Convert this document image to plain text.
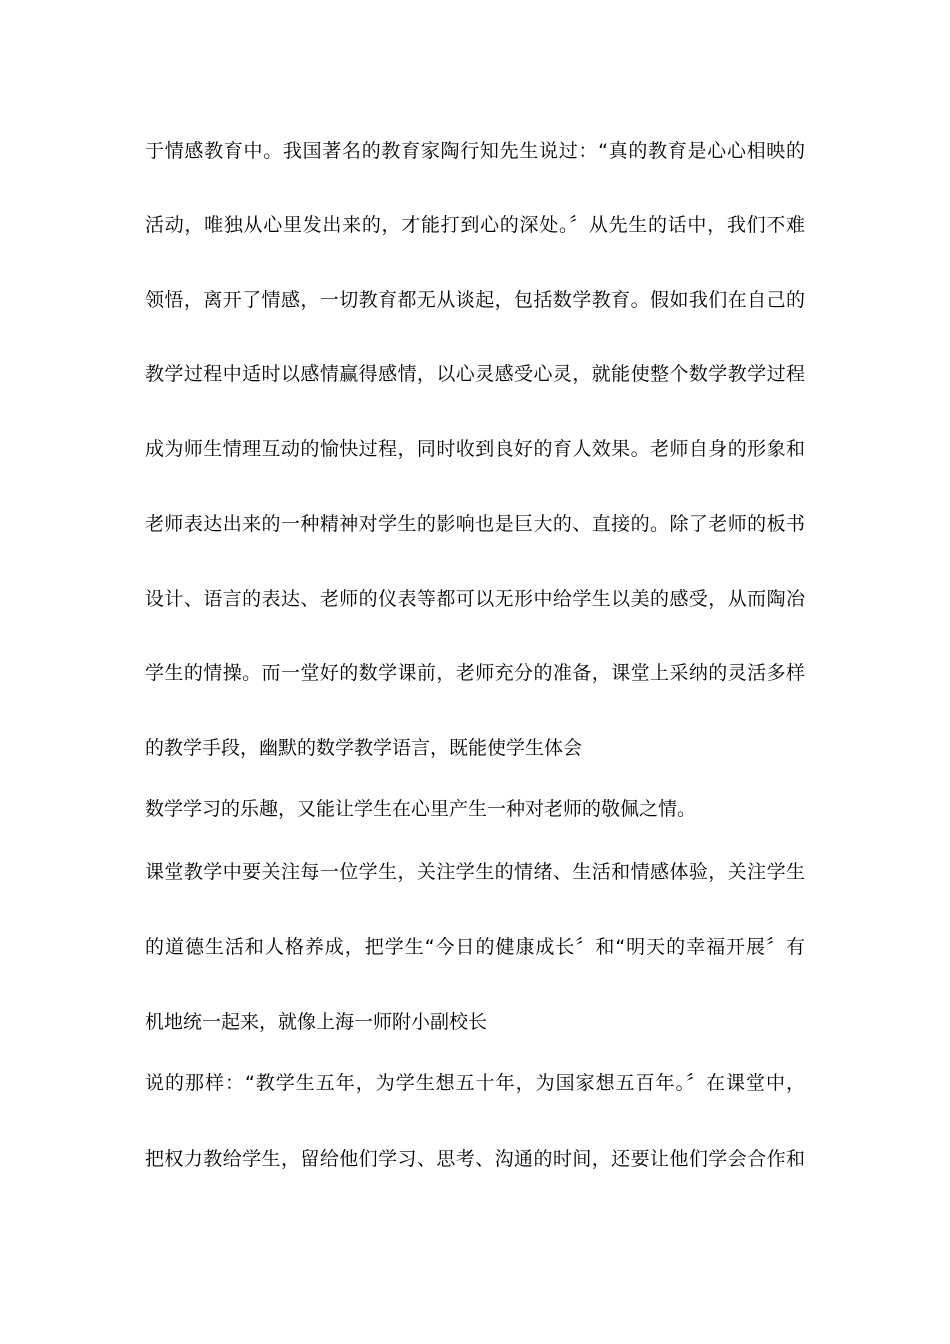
于情感教育中。我国著名的教育家陶行知先生说过：“真的教育是心心相映的
活动，唯独从心里发出来的，才能打到心的深处。〞从先生的话中，我们不难
领悟，离开了情感，一切教育都无从谈起，包括数学教育。假如我们在自己的
教学过程中适时以感情赢得感情，以心灵感受心灵，就能使整个数学教学过程
成为师生情理互动的愉快过程，同时收到良好的育人效果。老师自身的形象和
老师表达出来的一种精神对学生的影响也是巨大的、直接的。除了老师的板书
设计、语言的表达、老师的仪表等都可以无形中给学生以美的感受，从而陶冶
学生的情操。而一堂好的数学课前，老师充分的准备，课堂上采纳的灵活多样
的教学手段，幽默的数学教学语言，既能使学生体会
数学学习的乐趣，又能让学生在心里产生一种对老师的敬佩之情。
课堂教学中要关注每一位学生，关注学生的情绪、生活和情感体验，关注学生
的道德生活和人格养成，把学生“今日的健康成长〞和“明天的幸福开展〞有
机地统一起来，就像上海一师附小副校长
说的那样：“教学生五年，为学生想五十年，为国家想五百年。〞在课堂中，
把权力教给学生，留给他们学习、思考、沟通的时间，还要让他们学会合作和
